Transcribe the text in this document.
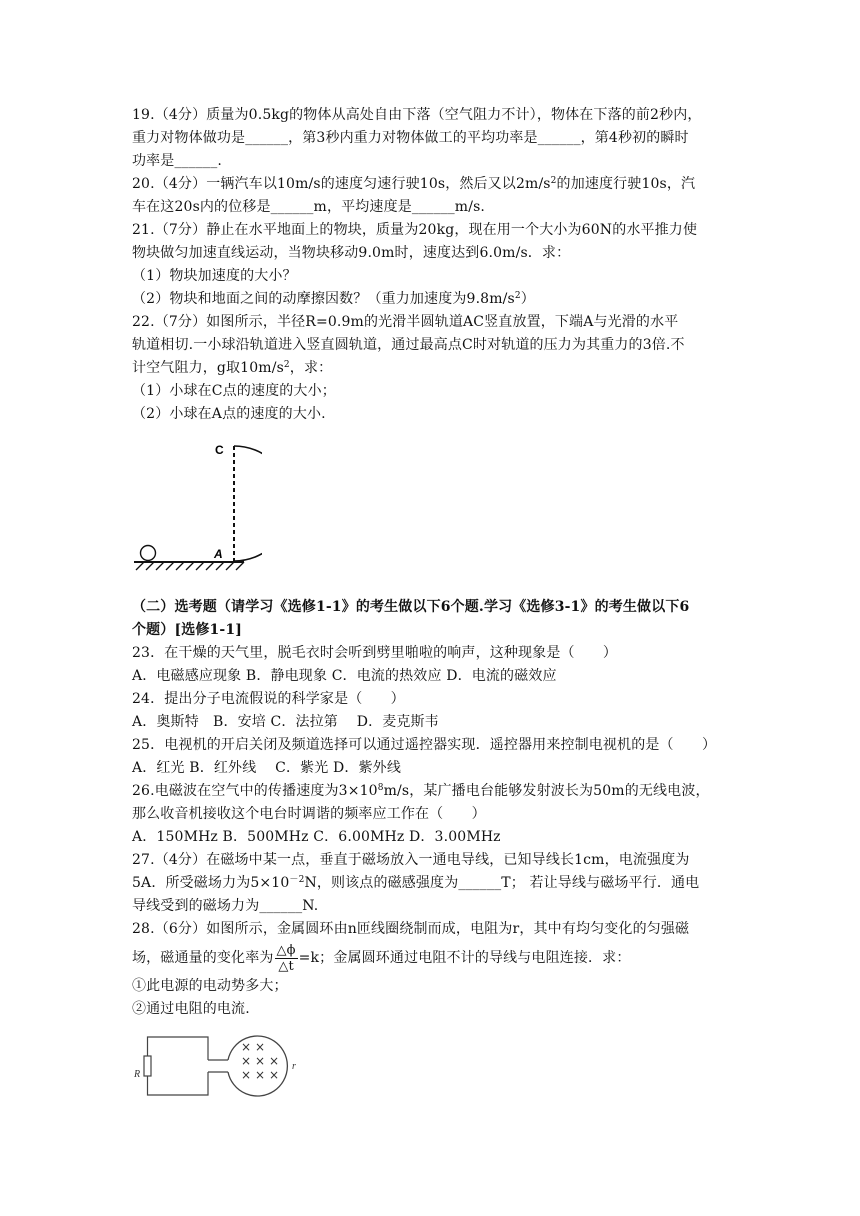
19.（4分）质量为0.5kg的物体从高处自由下落（空气阻力不计），物体在下落的前2秒内，
重力对物体做功是______，第3秒内重力对物体做工的平均功率是______，第4秒初的瞬时
功率是______.
20.（4分）一辆汽车以10m/s的速度匀速行驶10s，然后又以$2m/s^2$的加速度行驶10s，汽
车在这20s内的位移是______m，平均速度是______m/s.
21.（7分）静止在水平地面上的物块，质量为20kg，现在用一个大小为60N的水平推力使
物块做匀加速直线运动，当物块移动9.0m时，速度达到6.0m/s．求：
（1）物块加速度的大小？
（2）物块和地面之间的动摩擦因数？（重力加速度为$9.8m/s^2$）
22.（7分）如图所示，半径R=0.9m的光滑半圆轨道AC竖直放置，下端A与光滑的水平
轨道相切.一小球沿轨道进入竖直圆轨道，通过最高点C时对轨道的压力为其重力的3倍.不
计空气阻力，g取$10m/s^2$，求：
（1）小球在C点的速度的大小；
（2）小球在A点的速度的大小.
C
A
（二）选考题（请学习《选修1-1》的考生做以下6个题.学习《选修3-1》的考生做以下6
个题）[选修1-1]
23．在干燥的天气里，脱毛衣时会听到劈里啪啦的响声，这种现象是（　　）
A．电磁感应现象 B．静电现象 C．电流的热效应 D．电流的磁效应
24．提出分子电流假说的科学家是（　　）
A．奥斯特　B．安培 C．法拉第　 D．麦克斯韦
25．电视机的开启关闭及频道选择可以通过遥控器实现．遥控器用来控制电视机的是（　　）
A．红光 B．红外线　 C．紫光 D．紫外线
26.电磁波在空气中的传播速度为$3\times 10^8m/s$，某广播电台能够发射波长为50m的无线电波，
那么收音机接收这个电台时调谐的频率应工作在（　　）
A．150MHz B．500MHz C．6.00MHz D．3.00MHz
27.（4分）在磁场中某一点，垂直于磁场放入一通电导线，已知导线长1cm，电流强度为
5A．所受磁场力为$5\times 10^{-2}N$，则该点的磁感强度为______T； 若让导线与磁场平行．通电
导线受到的磁场力为______N.
28.（6分）如图所示，金属圆环由n匝线圈绕制而成，电阻为r，其中有均匀变化的匀强磁
场，磁通量的变化率为 $\frac{\triangle\phi}{\triangle t} =k$；金属圆环通过电阻不计的导线与电阻连接．求：
①此电源的电动势多大；
②通过电阻的电流.
R
r
× ×
× × ×
× × ×
